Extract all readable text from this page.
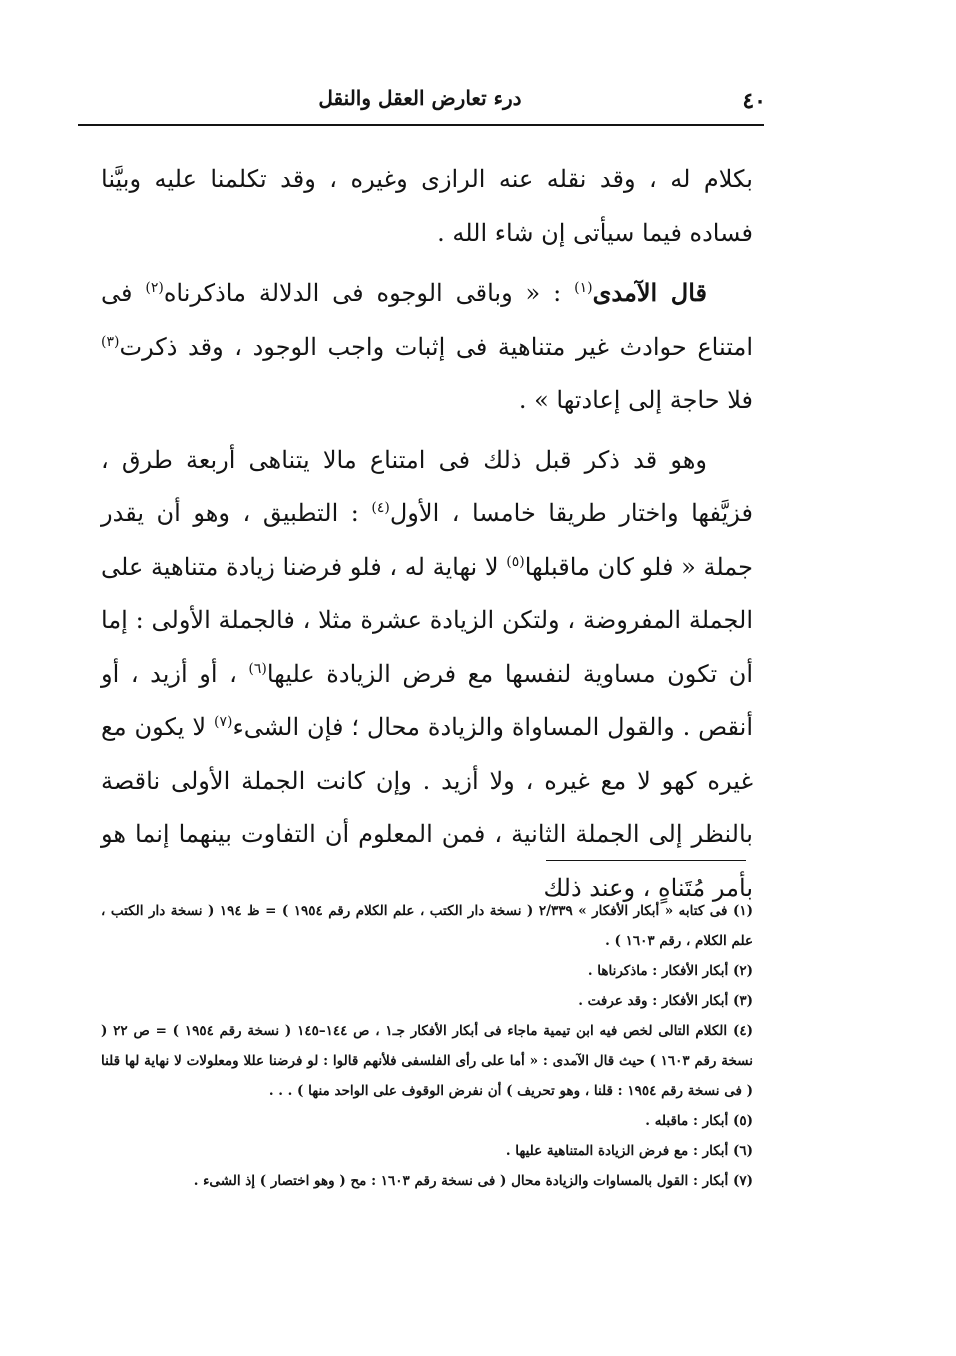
٤٠
درء تعارض العقل والنقل

بكلام له ، وقد نقله عنه الرازى وغيره ، وقد تكلمنا عليه وبيَّنا فساده فيما سيأتى إن شاء الله .

قال الآمدى$^{(١)}$ : « وباقى الوجوه فى الدلالة ماذكرناه$^{(٢)}$ فى امتناع حوادث غير متناهية فى إثبات واجب الوجود ، وقد ذكرت$^{(٣)}$ فلا حاجة إلى إعادتها » .

وهو قد ذكر قبل ذلك فى امتناع مالا يتناهى أربعة طرق ، فزيَّفها واختار طريقا خامسا ، الأول$^{(٤)}$ : التطبيق ، وهو أن يقدر جملة « فلو كان ماقبلها$^{(٥)}$ لا نهاية له ، فلو فرضنا زيادة متناهية على الجملة المفروضة ، ولتكن الزيادة عشرة مثلا ، فالجملة الأولى : إما أن تكون مساوية لنفسها مع فرض الزيادة عليها$^{(٦)}$ ، أو أزيد ، أو أنقص . والقول المساواة والزيادة محال ؛ فإن الشىء$^{(٧)}$ لا يكون مع غيره كهو لا مع غيره ، ولا أزيد . وإن كانت الجملة الأولى ناقصة بالنظر إلى الجملة الثانية ، فمن المعلوم أن التفاوت بينهما إنما هو بأمر مُتَناهٍ ، وعند ذلك

(١) فى كتابه « أبكار الأفكار » ٢/٣٣٩ ( نسخة دار الكتب ، علم الكلام رقم ١٩٥٤ ) = ظ ١٩٤ ( نسخة دار الكتب ، علم الكلام ، رقم ١٦٠٣ ) .

(٢) أبكار الأفكار : ماذكرناها .

(٣) أبكار الأفكار : وقد عرفت .

(٤) الكلام التالى لخص فيه ابن تيمية ماجاء فى أبكار الأفكار جـ١ ، ص ١٤٤–١٤٥ ( نسخة رقم ١٩٥٤ ) = ص ٢٢ ( نسخة رقم ١٦٠٣ ) حيث قال الآمدى : « أما على رأى الفلسفى فلأنهم قالوا : لو فرضنا عللا ومعلولات لا نهاية لها قلنا ( فى نسخة رقم ١٩٥٤ : قلنا ، وهو تحريف ) أن نفرض الوقوف على الواحد منها ) . . .

(٥) أبكار : ماقبله .

(٦) أبكار : مع فرض الزيادة المتناهية عليها .

(٧) أبكار : القول بالمساوات والزيادة محال ( فى نسخة رقم ١٦٠٣ : مح ( وهو اختصار ) إذ الشىء .
